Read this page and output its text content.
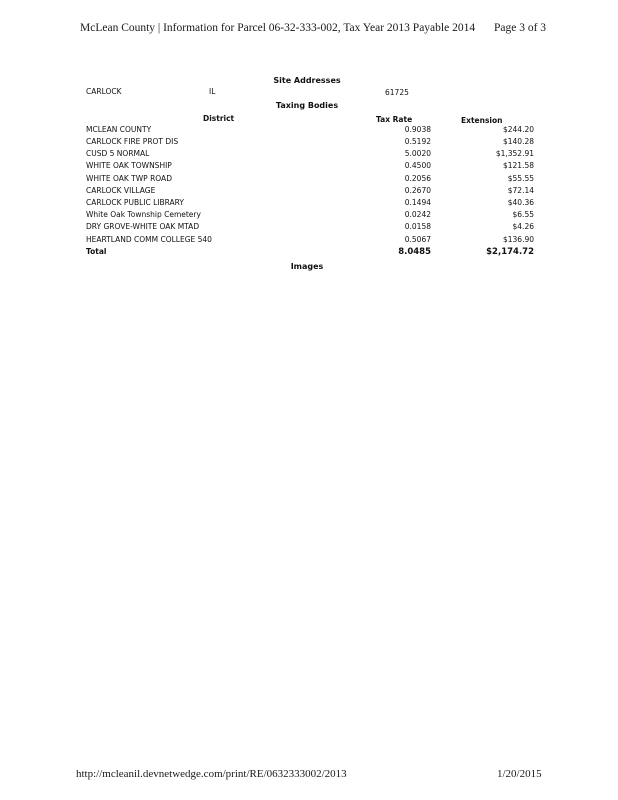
McLean County | Information for Parcel 06-32-333-002, Tax Year 2013 Payable 2014 Page 3 of 3
Site Addresses
CARLOCK	IL	61725
Taxing Bodies
District	Tax Rate	Extension
MCLEAN COUNTY	0.9038	$244.20
CARLOCK FIRE PROT DIS	0.5192	$140.28
CUSD 5 NORMAL	5.0020	$1,352.91
WHITE OAK TOWNSHIP	0.4500	$121.58
WHITE OAK TWP ROAD	0.2056	$55.55
CARLOCK VILLAGE	0.2670	$72.14
CARLOCK PUBLIC LIBRARY	0.1494	$40.36
White Oak Township Cemetery	0.0242	$6.55
DRY GROVE-WHITE OAK MTAD	0.0158	$4.26
HEARTLAND COMM COLLEGE 540	0.5067	$136.90
Total	8.0485	$2,174.72
Images
http://mcleanil.devnetwedge.com/print/RE/0632333002/2013	1/20/2015
